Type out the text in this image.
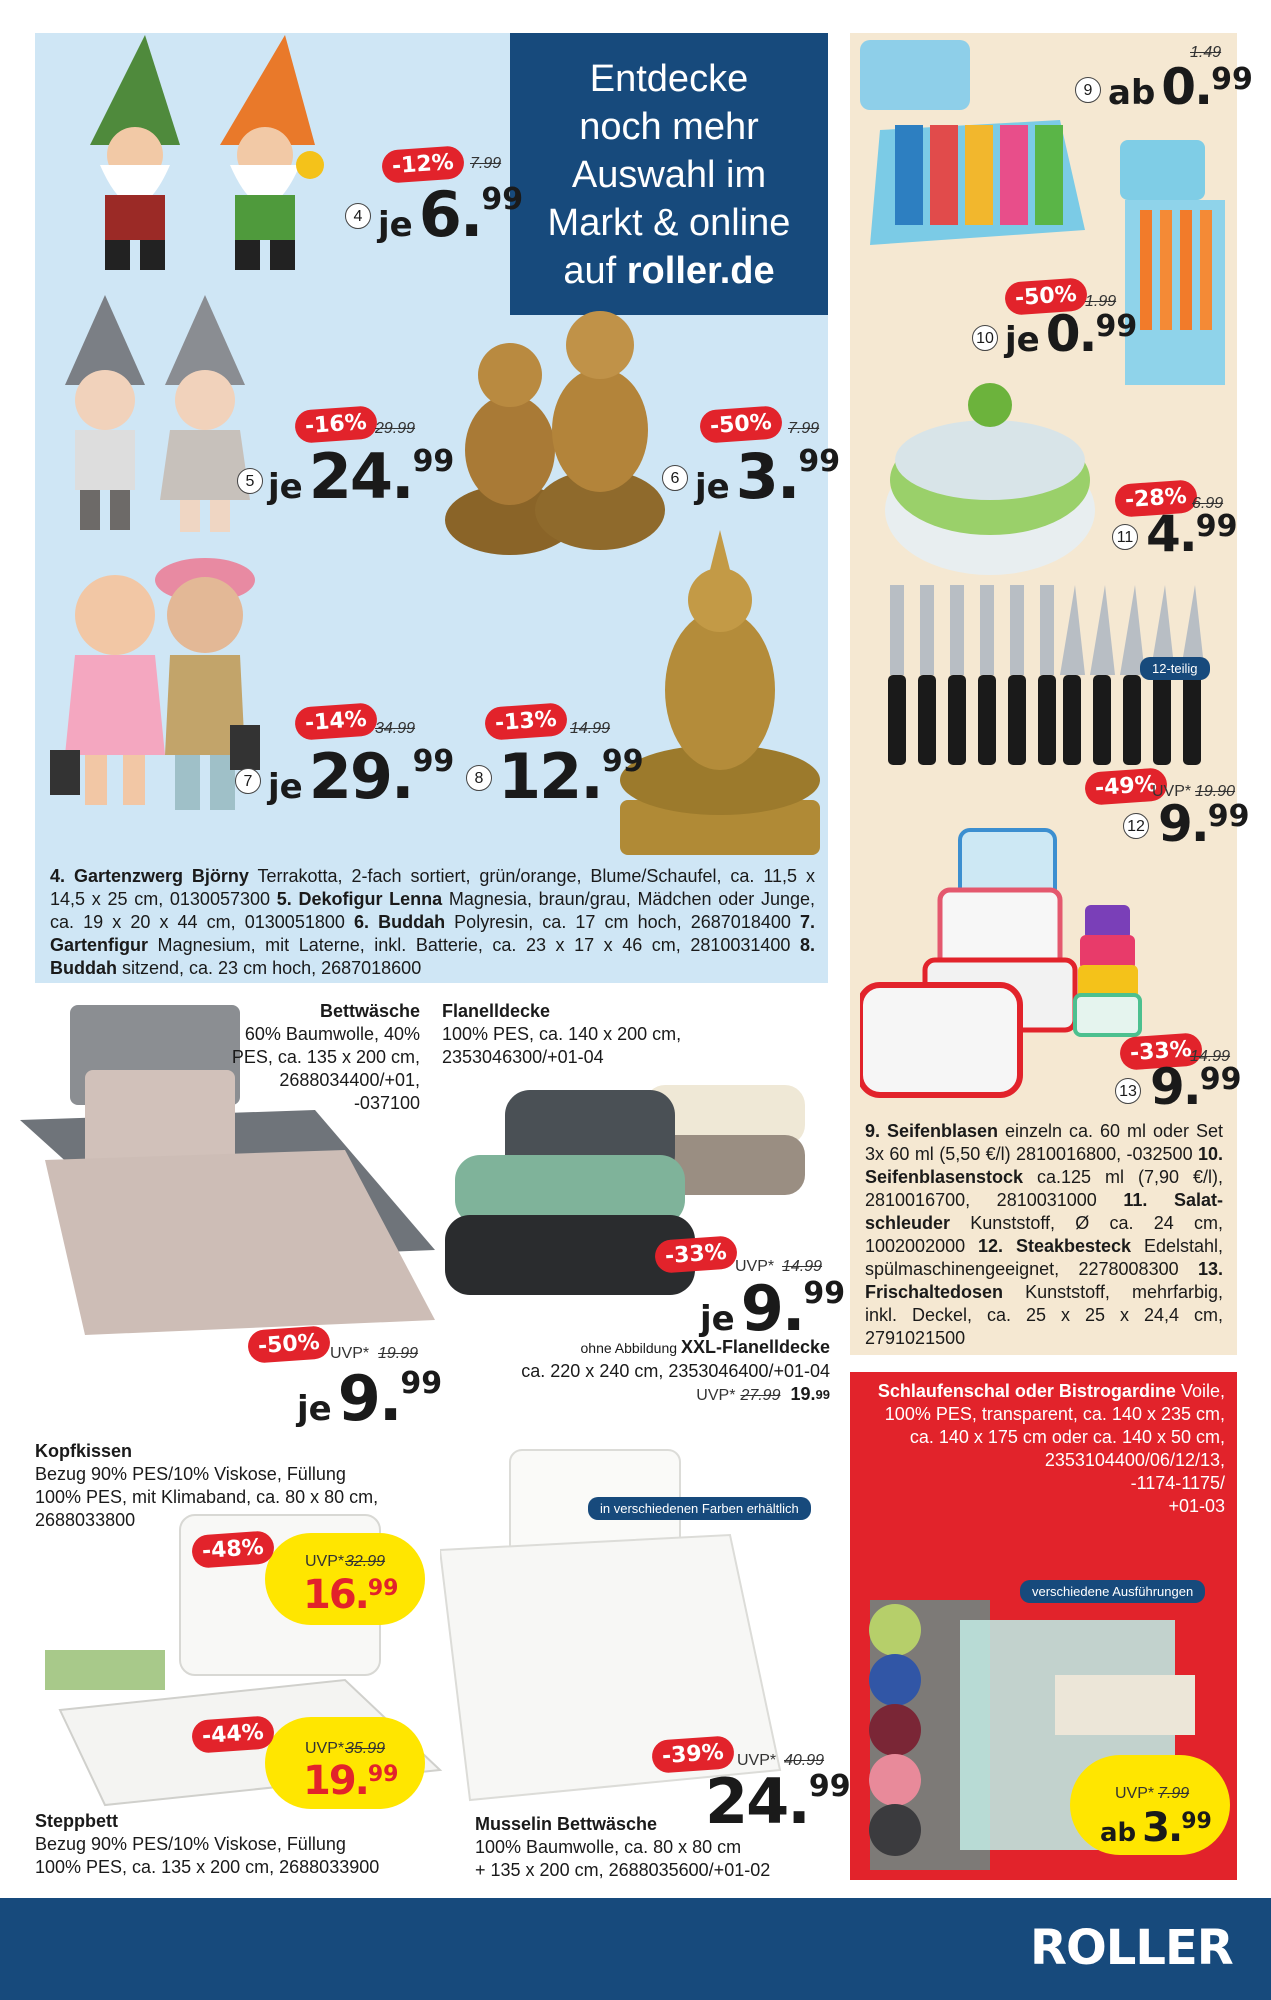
Entdecke
noch mehr
Auswahl im
Markt & online
auf roller.de
-12% 7.99
4 je6.99
-16% 29.99
5 je24.99
-50% 7.99
6 je3.99
-14% 34.99
7 je29.99
-13% 14.99
8 12.99
4. Gartenzwerg Björny Terrakotta, 2-fach sortiert, grün/orange, Blume/Schaufel, ca. 11,5 x 14,5 x 25 cm, 0130057300 5. Dekofigur Lenna Magnesia, braun/grau, Mädchen oder Junge, ca. 19 x 20 x 44 cm, 0130051800 6. Buddah Polyresin, ca. 17 cm hoch, 2687018400 7. Gartenfigur Magnesium, mit Laterne, inkl. Batterie, ca. 23 x 17 x 46 cm, 2810031400 8. Buddah sitzend, ca. 23 cm hoch, 2687018600
1.49
9 ab 0.99
-50% 1.99
10 je 0.99
-28% 6.99
11 4.99
12-teilig
-49%
UVP* 19.90
12 9.99
-33%
14.99
13 9.99
9. Seifenblasen einzeln ca. 60 ml oder Set 3x 60 ml (5,50 €/l) 2810016800, -032500 10. Seifenblasenstock ca.125 ml (7,90 €/l), 2810016700, 2810031000 11. Salatschleuder Kunststoff, Ø ca. 24 cm, 1002002000 12. Steakbesteck Edelstahl, spülmaschinengeeignet, 2278008300 13. Frischaltedosen Kunststoff, mehrfarbig, inkl. Deckel, ca. 25 x 25 x 24,4 cm, 2791021500
Bettwäsche
60% Baumwolle, 40%
PES, ca. 135 x 200 cm,
2688034400/+01,
-037100
-50% UVP* 19.99
je9.99
Flanelldecke
100% PES, ca. 140 x 200 cm,
2353046300/+01-04
-33% UVP* 14.99
je9.99
ohne Abbildung XXL-Flanelldecke
ca. 220 x 240 cm, 2353046400/+01-04
UVP* 27.99 19.99
Kopfkissen
Bezug 90% PES/10% Viskose, Füllung
100% PES, mit Klimaband, ca. 80 x 80 cm,
2688033800
-48%	UVP* 32.99
16.99
-44%	UVP* 35.99
19.99
Steppbett
Bezug 90% PES/10% Viskose, Füllung
100% PES, ca. 135 x 200 cm, 2688033900
in verschiedenen Farben erhältlich
-39% UVP* 40.99
24.99
Musselin Bettwäsche
100% Baumwolle, ca. 80 x 80 cm
+ 135 x 200 cm, 2688035600/+01-02
Schlaufenschal oder Bistrogardine Voile,
100% PES, transparent, ca. 140 x 235 cm,
ca. 140 x 175 cm oder ca. 140 x 50 cm,
2353104400/06/12/13,
-1174-1175/
+01-03
verschiedene Ausführungen
UVP* 7.99
ab 3.99
ROLLER
